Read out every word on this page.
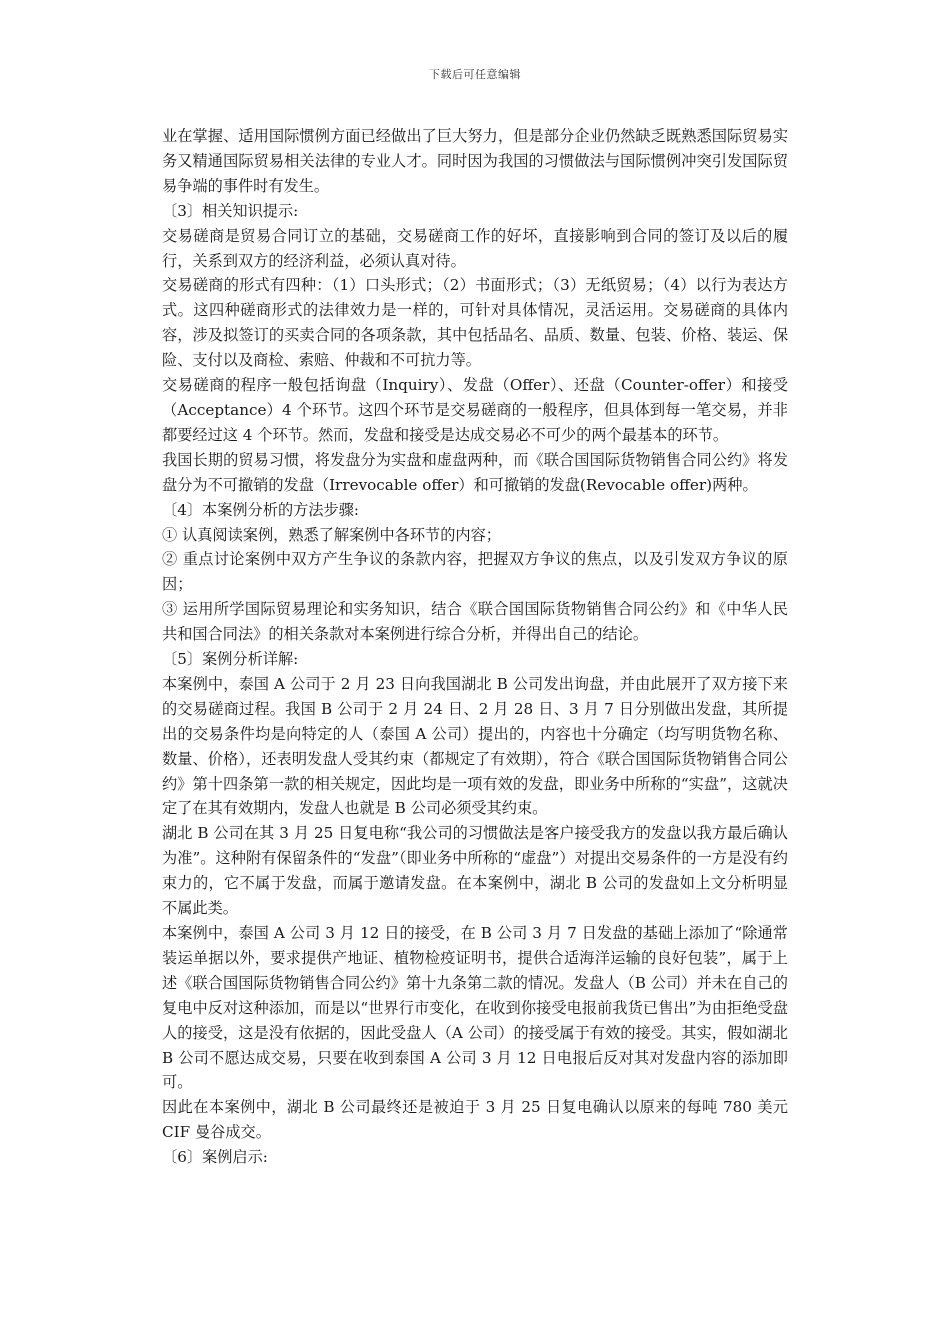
下载后可任意编辑

业在掌握、适用国际惯例方面已经做出了巨大努力，但是部分企业仍然缺乏既熟悉国际贸易实务又精通国际贸易相关法律的专业人才。同时因为我国的习惯做法与国际惯例冲突引发国际贸易争端的事件时有发生。

〔3〕相关知识提示:

交易磋商是贸易合同订立的基础，交易磋商工作的好坏，直接影响到合同的签订及以后的履行，关系到双方的经济利益，必须认真对待。

交易磋商的形式有四种：（1）口头形式；（2）书面形式；（3）无纸贸易；（4）以行为表达方式。这四种磋商形式的法律效力是一样的，可针对具体情况，灵活运用。交易磋商的具体内容，涉及拟签订的买卖合同的各项条款，其中包括品名、品质、数量、包装、价格、装运、保险、支付以及商检、索赔、仲裁和不可抗力等。

交易磋商的程序一般包括询盘（Inquiry）、发盘（Offer）、还盘（Counter-offer）和接受（Acceptance）4 个环节。这四个环节是交易磋商的一般程序，但具体到每一笔交易，并非都要经过这 4 个环节。然而，发盘和接受是达成交易必不可少的两个最基本的环节。

我国长期的贸易习惯，将发盘分为实盘和虚盘两种，而《联合国国际货物销售合同公约》将发盘分为不可撤销的发盘（Irrevocable offer）和可撤销的发盘(Revocable offer)两种。

〔4〕本案例分析的方法步骤:

① 认真阅读案例，熟悉了解案例中各环节的内容；

② 重点讨论案例中双方产生争议的条款内容，把握双方争议的焦点，以及引发双方争议的原因；

③ 运用所学国际贸易理论和实务知识，结合《联合国国际货物销售合同公约》和《中华人民共和国合同法》的相关条款对本案例进行综合分析，并得出自己的结论。

〔5〕案例分析详解:

本案例中，泰国 A 公司于 2 月 23 日向我国湖北 B 公司发出询盘，并由此展开了双方接下来的交易磋商过程。我国 B 公司于 2 月 24 日、2 月 28 日、3 月 7 日分别做出发盘，其所提出的交易条件均是向特定的人（泰国 A 公司）提出的，内容也十分确定（均写明货物名称、数量、价格），还表明发盘人受其约束（都规定了有效期），符合《联合国国际货物销售合同公约》第十四条第一款的相关规定，因此均是一项有效的发盘，即业务中所称的“实盘”，这就决定了在其有效期内，发盘人也就是 B 公司必须受其约束。

湖北 B 公司在其 3 月 25 日复电称“我公司的习惯做法是客户接受我方的发盘以我方最后确认为准”。这种附有保留条件的“发盘”（即业务中所称的“虚盘”）对提出交易条件的一方是没有约束力的，它不属于发盘，而属于邀请发盘。在本案例中，湖北 B 公司的发盘如上文分析明显不属此类。

本案例中，泰国 A 公司 3 月 12 日的接受，在 B 公司 3 月 7 日发盘的基础上添加了“除通常装运单据以外，要求提供产地证、植物检疫证明书，提供合适海洋运输的良好包装”，属于上述《联合国国际货物销售合同公约》第十九条第二款的情况。发盘人（B 公司）并未在自己的复电中反对这种添加，而是以“世界行市变化，在收到你接受电报前我货已售出”为由拒绝受盘人的接受，这是没有依据的，因此受盘人（A 公司）的接受属于有效的接受。其实，假如湖北 B 公司不愿达成交易，只要在收到泰国 A 公司 3 月 12 日电报后反对其对发盘内容的添加即可。

因此在本案例中，湖北 B 公司最终还是被迫于 3 月 25 日复电确认以原来的每吨 780 美元 CIF 曼谷成交。

〔6〕案例启示:
